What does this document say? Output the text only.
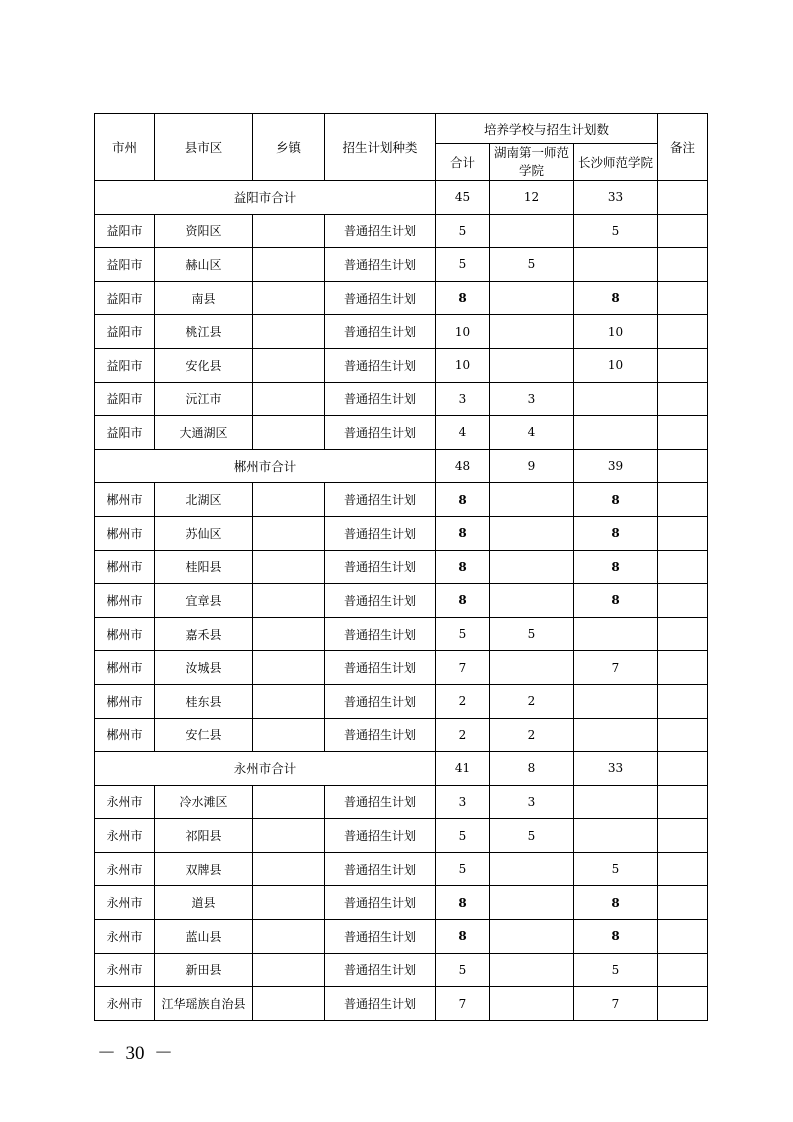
市州	县市区	乡镇	招生计划种类	培养学校与招生计划数			备注
				合计	湖南第一师范学院	长沙师范学院	
益阳市合计				45	12	33	
益阳市	资阳区		普通招生计划	5		5	
益阳市	赫山区		普通招生计划	5	5		
益阳市	南县		普通招生计划	8		8	
益阳市	桃江县		普通招生计划	10		10	
益阳市	安化县		普通招生计划	10		10	
益阳市	沅江市		普通招生计划	3	3		
益阳市	大通湖区		普通招生计划	4	4		
郴州市合计				48	9	39	
郴州市	北湖区		普通招生计划	8		8	
郴州市	苏仙区		普通招生计划	8		8	
郴州市	桂阳县		普通招生计划	8		8	
郴州市	宜章县		普通招生计划	8		8	
郴州市	嘉禾县		普通招生计划	5	5		
郴州市	汝城县		普通招生计划	7		7	
郴州市	桂东县		普通招生计划	2	2		
郴州市	安仁县		普通招生计划	2	2		
永州市合计				41	8	33	
永州市	冷水滩区		普通招生计划	3	3		
永州市	祁阳县		普通招生计划	5	5		
永州市	双牌县		普通招生计划	5		5	
永州市	道县		普通招生计划	8		8	
永州市	蓝山县		普通招生计划	8		8	
永州市	新田县		普通招生计划	5		5	
永州市	江华瑶族自治县		普通招生计划	7		7	
－  30  －
